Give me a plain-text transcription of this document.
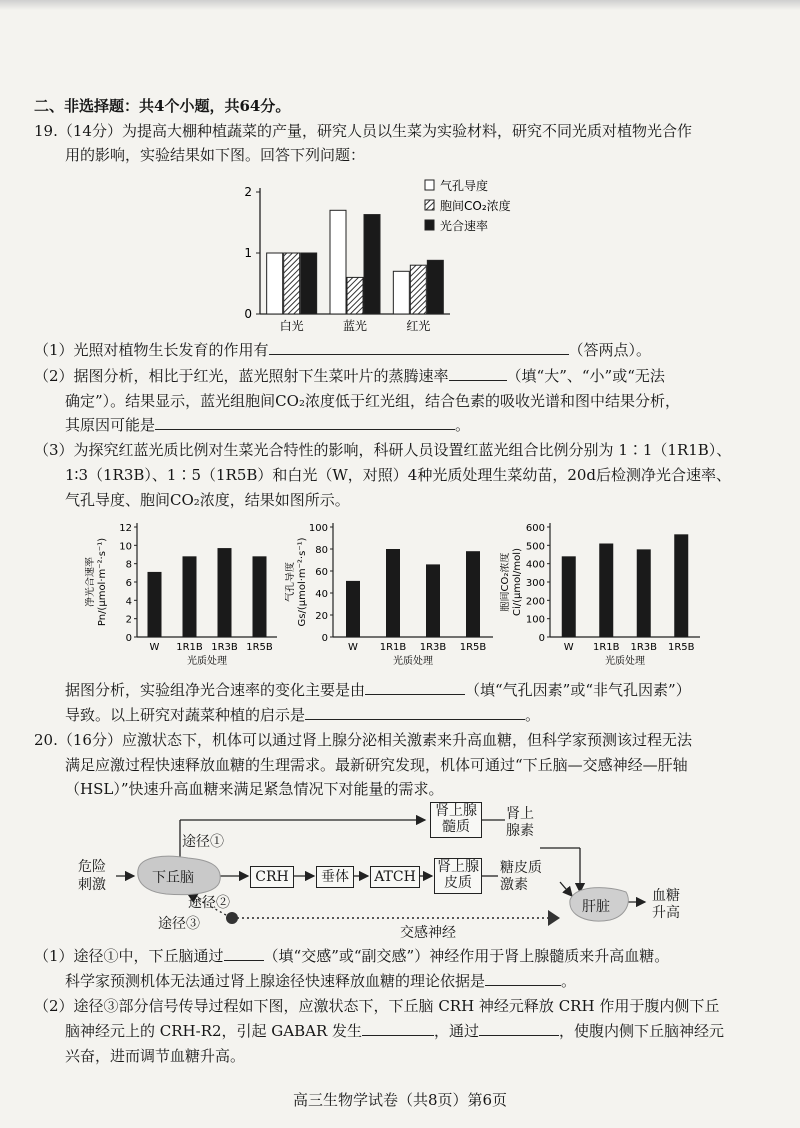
二、非选择题：共4个小题，共64分。
19.（14分）为提高大棚种植蔬菜的产量，研究人员以生菜为实验材料，研究不同光质对植物光合作
用的影响，实验结果如下图。回答下列问题：
0
1
2
白光	蓝光	红光
气孔导度
胞间CO₂浓度
光合速率
（1）光照对植物生长发育的作用有	（答两点）。
（2）据图分析，相比于红光，蓝光照射下生菜叶片的蒸腾速率	（填“大”、“小”或“无法
确定”）。结果显示，蓝光组胞间CO₂浓度低于红光组，结合色素的吸收光谱和图中结果分析，
其原因可能是	。
（3）为探究红蓝光质比例对生菜光合特性的影响，科研人员设置红蓝光组合比例分别为 1∶1（1R1B）、
1∶3（1R3B）、1∶5（1R5B）和白光（W，对照）4种光质处理生菜幼苗，20d后检测净光合速率、
气孔导度、胞间CO₂浓度，结果如图所示。
0
2
4
6
8
10
12
W 1R1B 1R3B 1R5B
光质处理
净光合速率 Pn/(μmol·m⁻²·s⁻¹)
0
20
40
60
80
100
W 1R1B 1R3B 1R5B
光质处理
气孔导度 Gs/(μmol·m⁻²·s⁻¹)
0
100
200
300
400
500
600
W 1R1B 1R3B 1R5B
光质处理
胞间CO₂浓度 Ci/(μmol/mol)
据图分析，实验组净光合速率的变化主要是由	（填“气孔因素”或“非气孔因素”）
导致。以上研究对蔬菜种植的启示是	。
20.（16分）应激状态下，机体可以通过肾上腺分泌相关激素来升高血糖，但科学家预测该过程无法
满足应激过程快速释放血糖的生理需求。最新研究发现，机体可通过“下丘脑—交感神经—肝轴
（HSL）”快速升高血糖来满足紧急情况下对能量的需求。
危险
刺激	下丘脑
途径①
途径②
途径③
CRH	垂体	ATCH
肾上腺
髓质
肾上腺
皮质
肾上
腺素
糖皮质
激素
肝脏
血糖
升高
交感神经
（1）途径①中，下丘脑通过	（填“交感”或“副交感”）神经作用于肾上腺髓质来升高血糖。
科学家预测机体无法通过肾上腺途径快速释放血糖的理论依据是	。
（2）途径③部分信号传导过程如下图，应激状态下，下丘脑 CRH 神经元释放 CRH 作用于腹内侧下丘
脑神经元上的 CRH-R2，引起 GABAR 发生	，通过	，使腹内侧下丘脑神经元
兴奋，进而调节血糖升高。
高三生物学试卷（共8页）第6页
